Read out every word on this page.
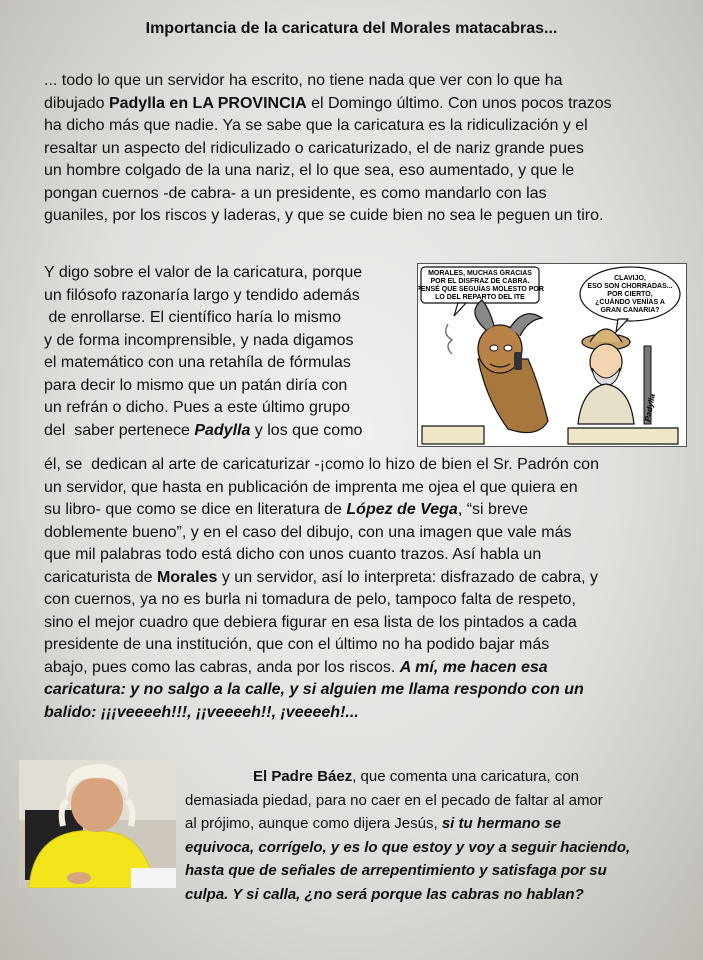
Importancia de la caricatura del Morales matacabras...

... todo lo que un servidor ha escrito, no tiene nada que ver con lo que ha
dibujado Padylla en LA PROVINCIA el Domingo último. Con unos pocos trazos
ha dicho más que nadie. Ya se sabe que la caricatura es la ridiculización y el
resaltar un aspecto del ridiculizado o caricaturizado, el de nariz grande pues
un hombre colgado de la una nariz, el lo que sea, eso aumentado, y que le
pongan cuernos -de cabra- a un presidente, es como mandarlo con las
guaniles, por los riscos y laderas, y que se cuide bien no sea le peguen un tiro.

Y digo sobre el valor de la caricatura, porque
un filósofo razonaría largo y tendido además
de enrollarse. El científico haría lo mismo
y de forma incomprensible, y nada digamos
el matemático con una retahíla de fórmulas
para decir lo mismo que un patán diría con
un refrán o dicho. Pues a este último grupo
del  saber pertenece Padylla y los que como

él, se  dedican al arte de caricaturizar -¡como lo hizo de bien el Sr. Padrón con
un servidor, que hasta en publicación de imprenta me ojea el que quiera en
su libro- que como se dice en literatura de López de Vega, “si breve
doblemente bueno”, y en el caso del dibujo, con una imagen que vale más
que mil palabras todo está dicho con unos cuanto trazos. Así habla un
caricaturista de Morales y un servidor, así lo interpreta: disfrazado de cabra, y
con cuernos, ya no es burla ni tomadura de pelo, tampoco falta de respeto,
sino el mejor cuadro que debiera figurar en esa lista de los pintados a cada
presidente de una institución, que con el último no ha podido bajar más
abajo, pues como las cabras, anda por los riscos. A mí, me hacen esa
caricatura: y no salgo a la calle, y si alguien me llama respondo con un
balido: ¡¡¡veeeeh!!!, ¡¡veeeeh!!, ¡veeeeh!...

MORALES, MUCHAS GRACIAS
POR EL DISFRAZ DE CABRA.
PENSÉ QUE SEGUÍAS MOLESTO POR
LO DEL REPARTO DEL ITE
CLAVIJO,
ESO SON CHORRADAS...
POR CIERTO,
¿CUÁNDO VENÍAS A
GRAN CANARIA?
Padylla

El Padre Báez, que comenta una caricatura, con
demasiada piedad, para no caer en el pecado de faltar al amor
al prójimo, aunque como dijera Jesús, si tu hermano se
equivoca, corrígelo, y es lo que estoy y voy a seguir haciendo,
hasta que de señales de arrepentimiento y satisfaga por su
culpa. Y si calla, ¿no será porque las cabras no hablan?
